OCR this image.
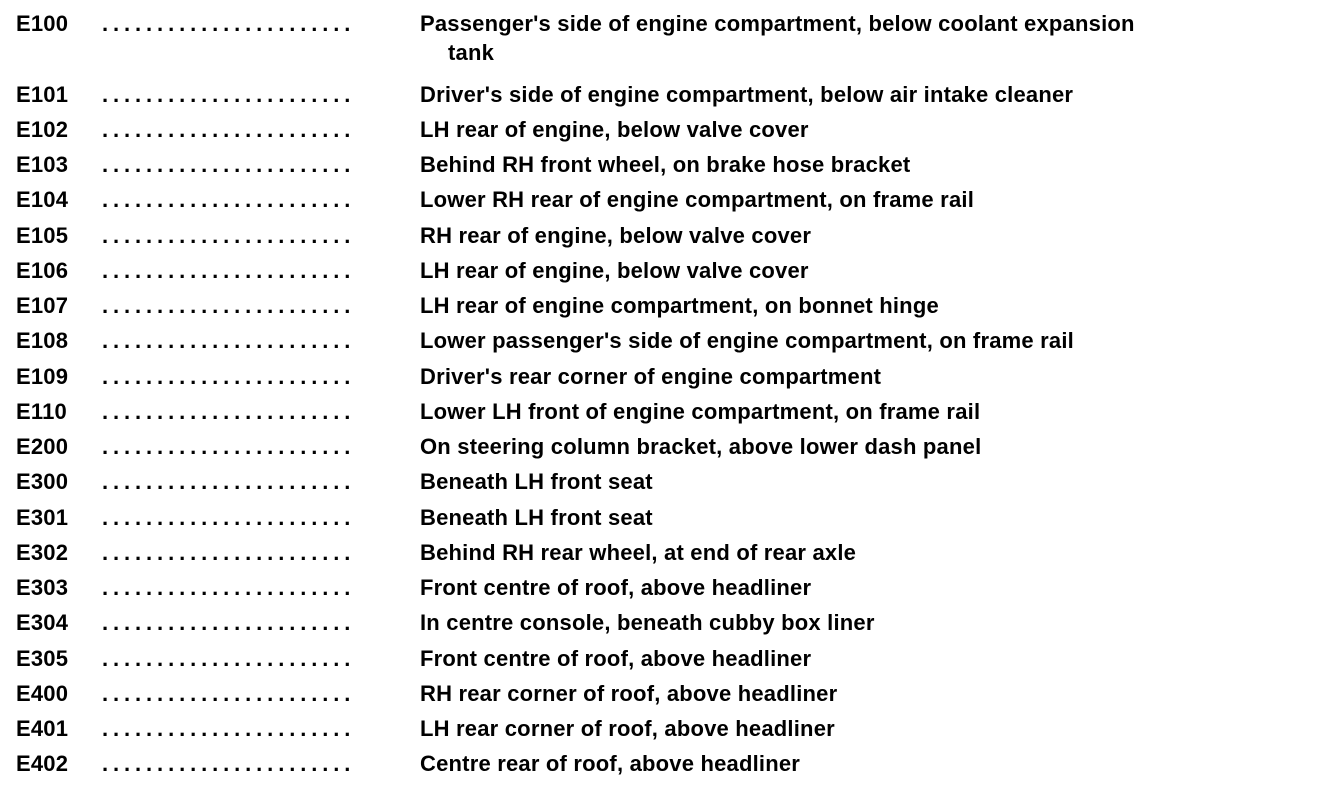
E100	.......................	Passenger's side of engine compartment, below coolant expansion
tank
E101	.......................	Driver's side of engine compartment, below air intake cleaner
E102	.......................	LH rear of engine, below valve cover
E103	.......................	Behind RH front wheel, on brake hose bracket
E104	.......................	Lower RH rear of engine compartment, on frame rail
E105	.......................	RH rear of engine, below valve cover
E106	.......................	LH rear of engine, below valve cover
E107	.......................	LH rear of engine compartment, on bonnet hinge
E108	.......................	Lower passenger's side of engine compartment, on frame rail
E109	.......................	Driver's rear corner of engine compartment
E110	.......................	Lower LH front of engine compartment, on frame rail
E200	.......................	On steering column bracket, above lower dash panel
E300	.......................	Beneath LH front seat
E301	.......................	Beneath LH front seat
E302	.......................	Behind RH rear wheel, at end of rear axle
E303	.......................	Front centre of roof, above headliner
E304	.......................	In centre console, beneath cubby box liner
E305	.......................	Front centre of roof, above headliner
E400	.......................	RH rear corner of roof, above headliner
E401	.......................	LH rear corner of roof, above headliner
E402	.......................	Centre rear of roof, above headliner
